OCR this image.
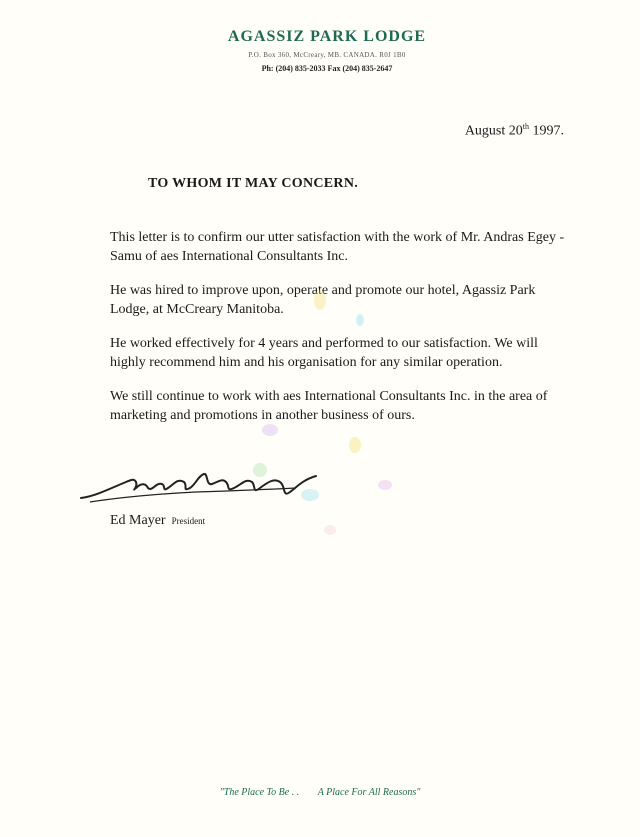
AGASSIZ PARK LODGE
P.O. Box 360, McCreary, MB. CANADA. R0J 1B0
Ph: (204) 835-2033 Fax (204) 835-2647
August 20th 1997.
TO WHOM IT MAY CONCERN.

This letter is to confirm our utter satisfaction with the work of Mr. Andras Egey - Samu of aes International Consultants Inc.

He was hired to improve upon, operate and promote our hotel, Agassiz Park Lodge, at McCreary Manitoba.

He worked effectively for 4 years and performed to our satisfaction. We will highly recommend him and his organisation for any similar operation.

We still continue to work with aes International Consultants Inc. in the area of marketing and promotions in another business of ours.

Ed Mayer President
"The Place To Be . . A Place For All Reasons"
